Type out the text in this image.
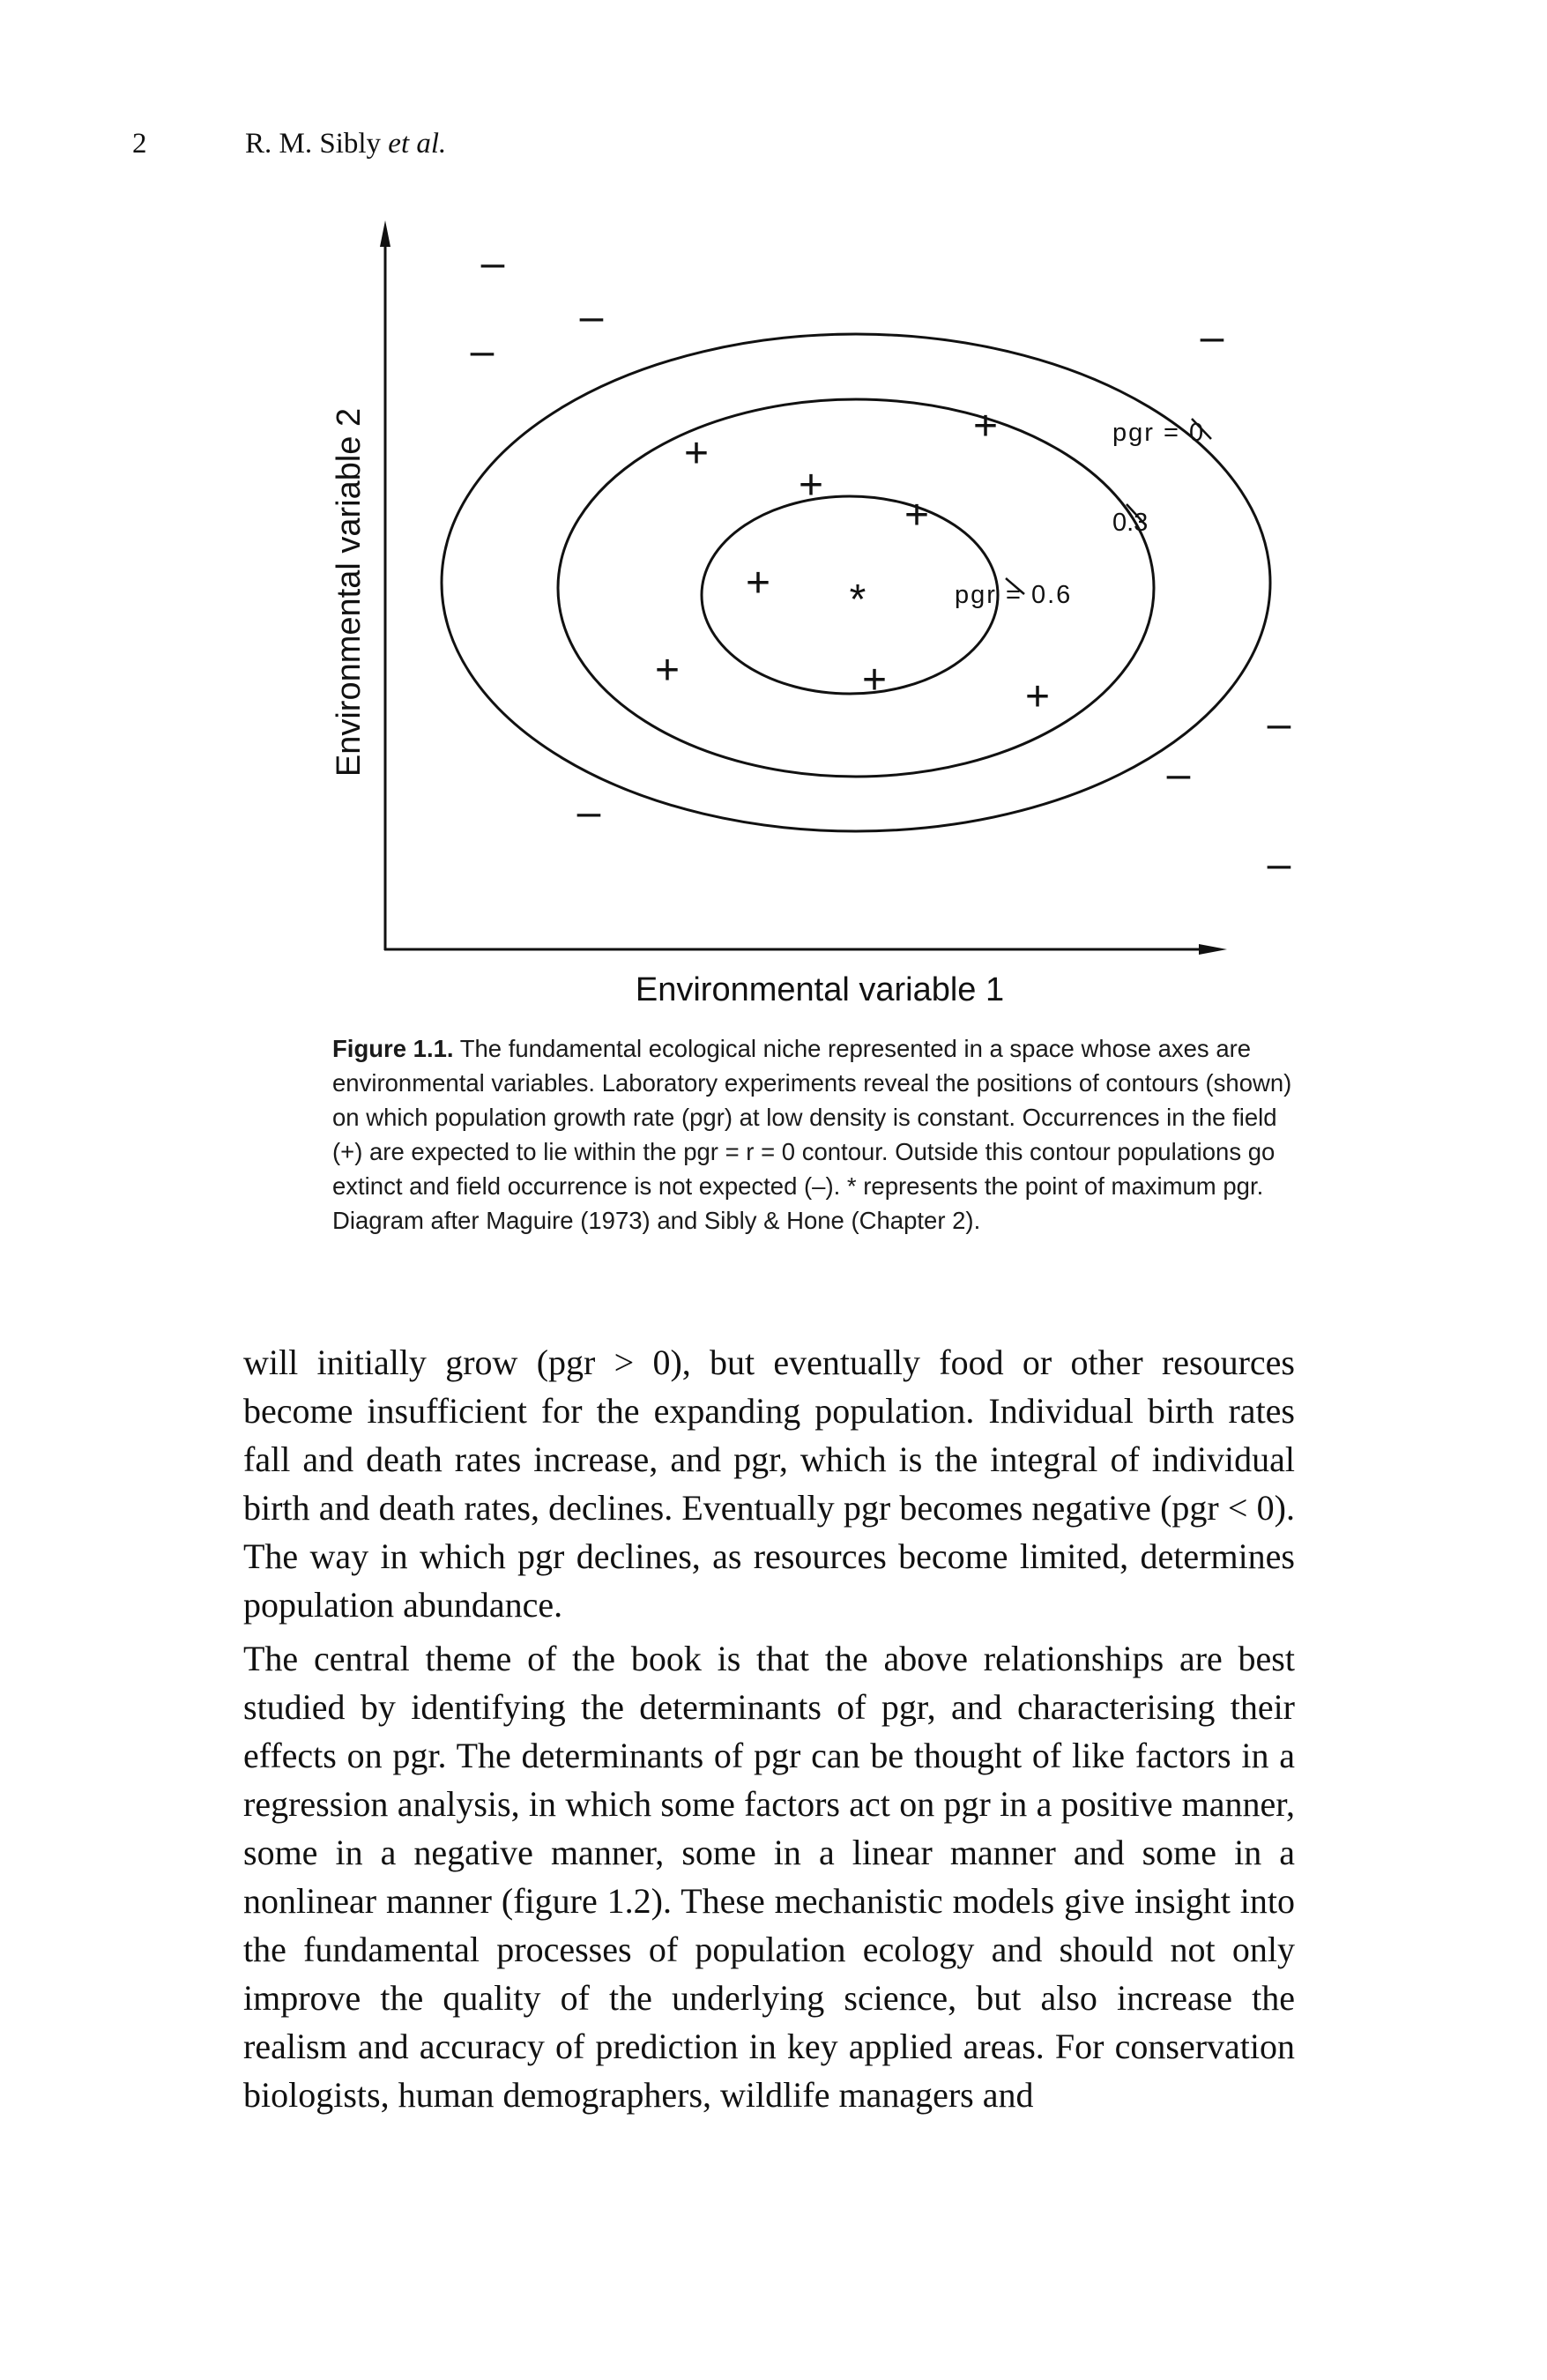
2	R. M. Sibly et al.
Environmental variable 2
Environmental variable 1
pgr = 0
0.3
pgr = 0.6
*
+
+
+
+
+
+	+	+
–
–
–	–
–
–
–
–
Figure 1.1. The fundamental ecological niche represented in a space whose axes are environmental variables. Laboratory experiments reveal the positions of contours (shown) on which population growth rate (pgr) at low density is constant. Occurrences in the field (+) are expected to lie within the pgr = r = 0 contour. Outside this contour populations go extinct and field occurrence is not expected (–). * represents the point of maximum pgr. Diagram after Maguire (1973) and Sibly & Hone (Chapter 2).

will initially grow (pgr > 0), but eventually food or other resources become insufficient for the expanding population. Individual birth rates fall and death rates increase, and pgr, which is the integral of individual birth and death rates, declines. Eventually pgr becomes negative (pgr < 0). The way in which pgr declines, as resources become limited, determines population abundance.

The central theme of the book is that the above relationships are best studied by identifying the determinants of pgr, and characterising their effects on pgr. The determinants of pgr can be thought of like factors in a regression analysis, in which some factors act on pgr in a positive manner, some in a negative manner, some in a linear manner and some in a nonlinear manner (figure 1.2). These mechanistic models give insight into the fundamental processes of population ecology and should not only improve the quality of the underlying science, but also increase the realism and accuracy of prediction in key applied areas. For conservation biologists, human demographers, wildlife managers and
